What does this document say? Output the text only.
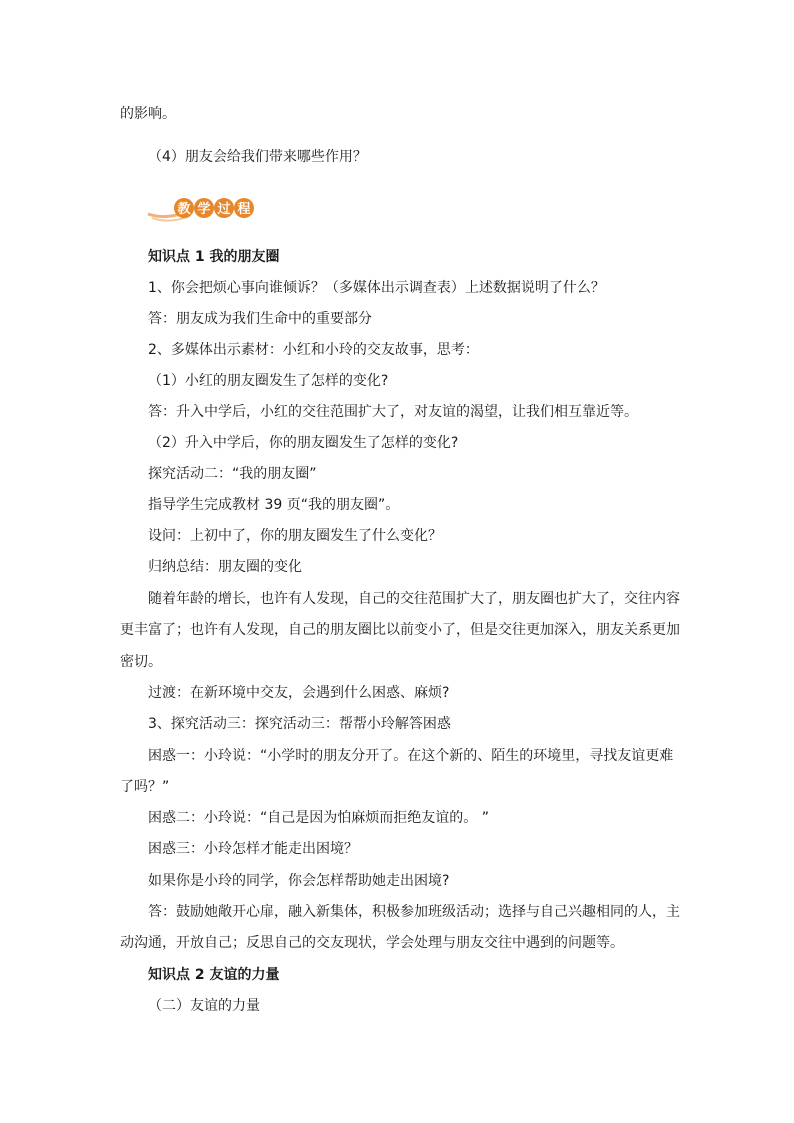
的影响。
（4）朋友会给我们带来哪些作用？
教 学 过 程
知识点 1 我的朋友圈
1、你会把烦心事向谁倾诉？（多媒体出示调查表）上述数据说明了什么？
答：朋友成为我们生命中的重要部分
2、多媒体出示素材：小红和小玲的交友故事，思考：
（1）小红的朋友圈发生了怎样的变化?
答：升入中学后，小红的交往范围扩大了，对友谊的渴望，让我们相互靠近等。
（2）升入中学后，你的朋友圈发生了怎样的变化?
探究活动二：“我的朋友圈”
指导学生完成教材 39 页“我的朋友圈”。
设问：上初中了，你的朋友圈发生了什么变化？
归纳总结：朋友圈的变化
随着年龄的增长，也许有人发现，自己的交往范围扩大了，朋友圈也扩大了，交往内容
更丰富了；也许有人发现，自己的朋友圈比以前变小了，但是交往更加深入，朋友关系更加
密切。
过渡：在新环境中交友，会遇到什么困惑、麻烦?
3、探究活动三：探究活动三：帮帮小玲解答困惑
困惑一：小玲说：“小学时的朋友分开了。在这个新的、陌生的环境里，寻找友谊更难
了吗？”
困惑二：小玲说：“自己是因为怕麻烦而拒绝友谊的。 ”
困惑三：小玲怎样才能走出困境？
如果你是小玲的同学，你会怎样帮助她走出困境?
答：鼓励她敞开心扉，融入新集体，积极参加班级活动；选择与自己兴趣相同的人，主
动沟通，开放自己；反思自己的交友现状，学会处理与朋友交往中遇到的问题等。
知识点 2 友谊的力量
（二）友谊的力量
